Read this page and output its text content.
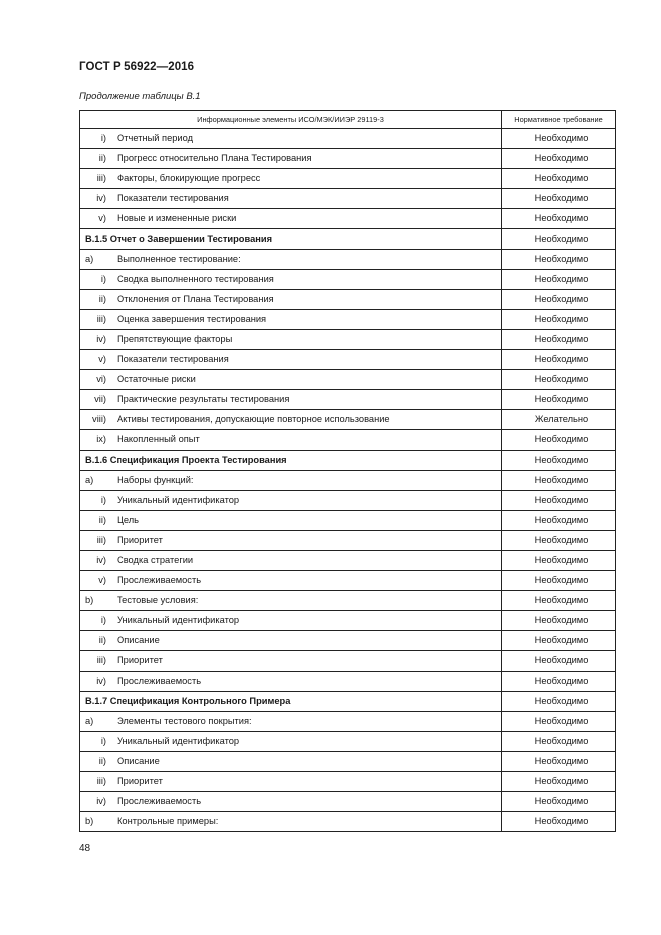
ГОСТ Р 56922—2016
Продолжение таблицы В.1
Информационные элементы ИСО/МЭК/ИИЭР 29119-3	Нормативное требование

i) Отчетный период	Необходимо

ii) Прогресс относительно Плана Тестирования	Необходимо

iii) Факторы, блокирующие прогресс	Необходимо

iv) Показатели тестирования	Необходимо

v) Новые и измененные риски	Необходимо
В.1.5 Отчет о Завершении Тестирования	Необходимо

a) Выполненное тестирование:	Необходимо

i) Сводка выполненного тестирования	Необходимо

ii) Отклонения от Плана Тестирования	Необходимо

iii) Оценка завершения тестирования	Необходимо

iv) Препятствующие факторы	Необходимо

v) Показатели тестирования	Необходимо

vi) Остаточные риски	Необходимо

vii) Практические результаты тестирования	Необходимо

viii) Активы тестирования, допускающие повторное использование	Желательно

ix) Накопленный опыт	Необходимо
В.1.6 Спецификация Проекта Тестирования	Необходимо

a) Наборы функций:	Необходимо

i) Уникальный идентификатор	Необходимо

ii) Цель	Необходимо

iii) Приоритет	Необходимо

iv) Сводка стратегии	Необходимо

v) Прослеживаемость	Необходимо

b) Тестовые условия:	Необходимо

i) Уникальный идентификатор	Необходимо

ii) Описание	Необходимо

iii) Приоритет	Необходимо

iv) Прослеживаемость	Необходимо
В.1.7 Спецификация Контрольного Примера	Необходимо

a) Элементы тестового покрытия:	Необходимо

i) Уникальный идентификатор	Необходимо

ii) Описание	Необходимо

iii) Приоритет	Необходимо

iv) Прослеживаемость	Необходимо

b) Контрольные примеры:	Необходимо
48
